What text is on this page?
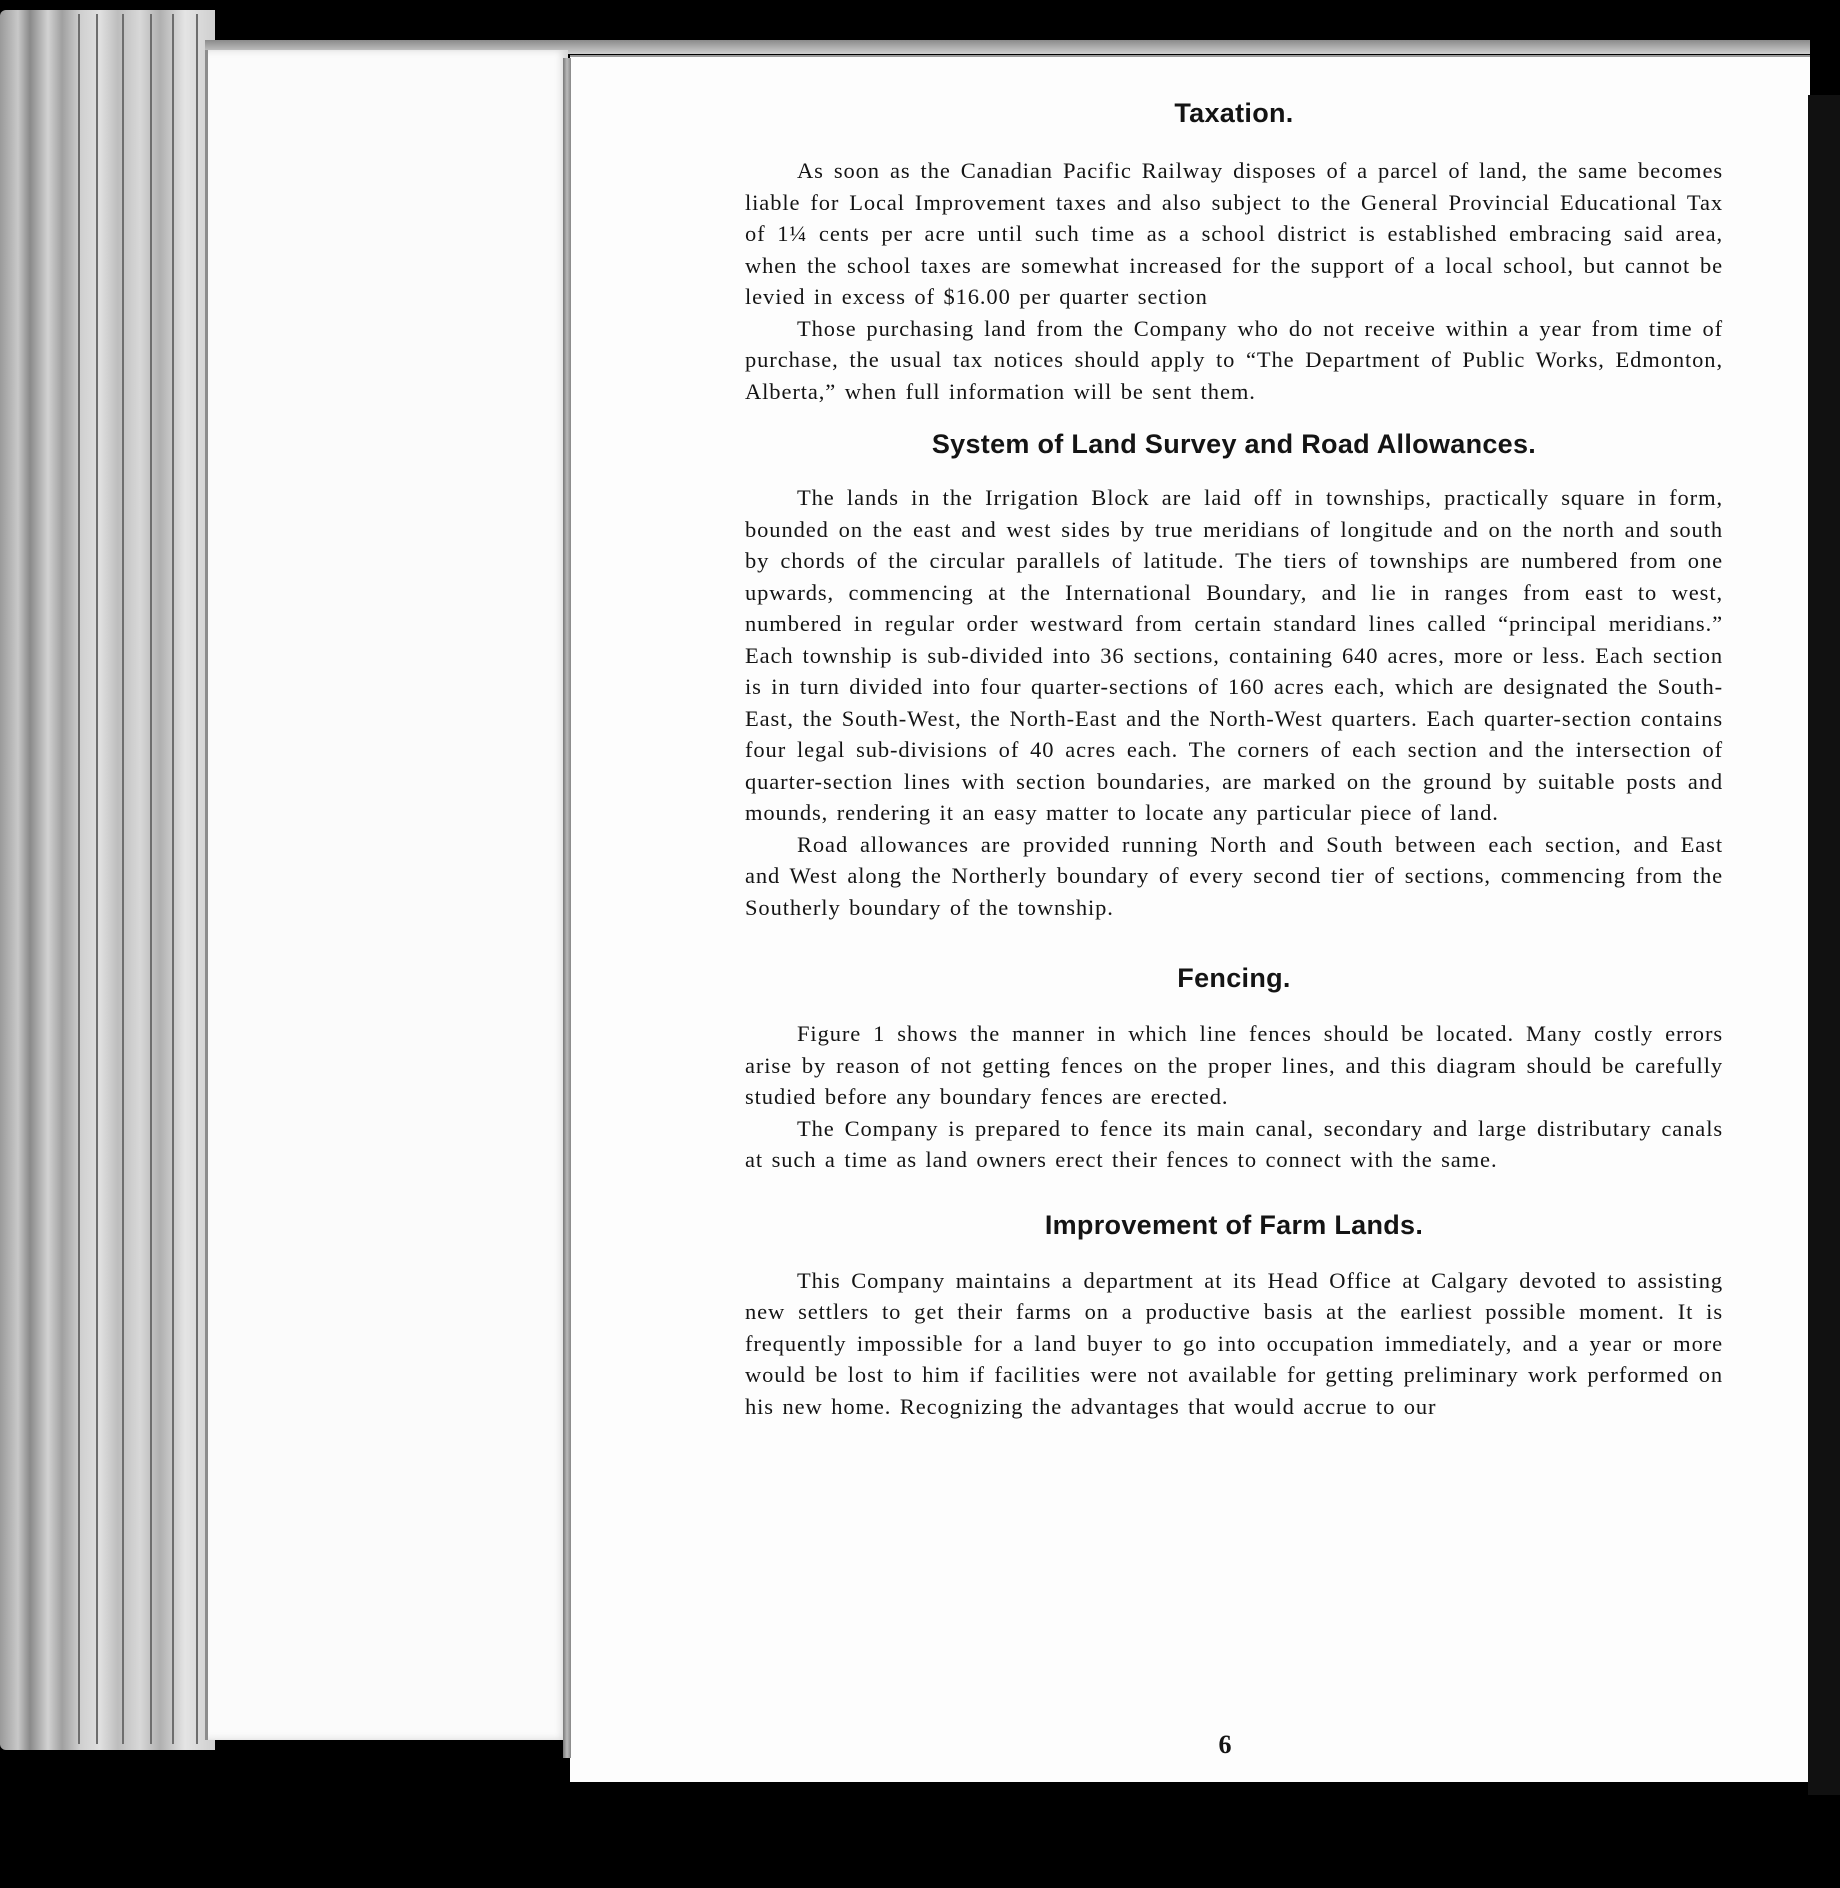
Taxation.

As soon as the Canadian Pacific Railway disposes of a parcel of land, the same becomes liable for Local Improvement taxes and also subject to the General Provincial Educational Tax of 1¼ cents per acre until such time as a school district is established embracing said area, when the school taxes are somewhat increased for the support of a local school, but cannot be levied in excess of $16.00 per quarter section

Those purchasing land from the Company who do not receive within a year from time of purchase, the usual tax notices should apply to “The Department of Public Works, Edmonton, Alberta,” when full information will be sent them.

System of Land Survey and Road Allowances.

The lands in the Irrigation Block are laid off in townships, practically square in form, bounded on the east and west sides by true meridians of longitude and on the north and south by chords of the circular parallels of latitude. The tiers of townships are numbered from one upwards, commencing at the International Boundary, and lie in ranges from east to west, numbered in regular order westward from certain standard lines called “principal meridians.” Each township is sub-divided into 36 sections, containing 640 acres, more or less. Each section is in turn divided into four quarter-sections of 160 acres each, which are designated the South-East, the South-West, the North-East and the North-West quarters. Each quarter-section contains four legal sub-divisions of 40 acres each. The corners of each section and the intersection of quarter-section lines with section boundaries, are marked on the ground by suitable posts and mounds, rendering it an easy matter to locate any particular piece of land.

Road allowances are provided running North and South between each section, and East and West along the Northerly boundary of every second tier of sections, commencing from the Southerly boundary of the township.

Fencing.

Figure 1 shows the manner in which line fences should be located. Many costly errors arise by reason of not getting fences on the proper lines, and this diagram should be carefully studied before any boundary fences are erected.

The Company is prepared to fence its main canal, secondary and large distributary canals at such a time as land owners erect their fences to connect with the same.

Improvement of Farm Lands.

This Company maintains a department at its Head Office at Calgary devoted to assisting new settlers to get their farms on a productive basis at the earliest possible moment. It is frequently impossible for a land buyer to go into occupation immediately, and a year or more would be lost to him if facilities were not available for getting preliminary work performed on his new home. Recognizing the advantages that would accrue to our

6
